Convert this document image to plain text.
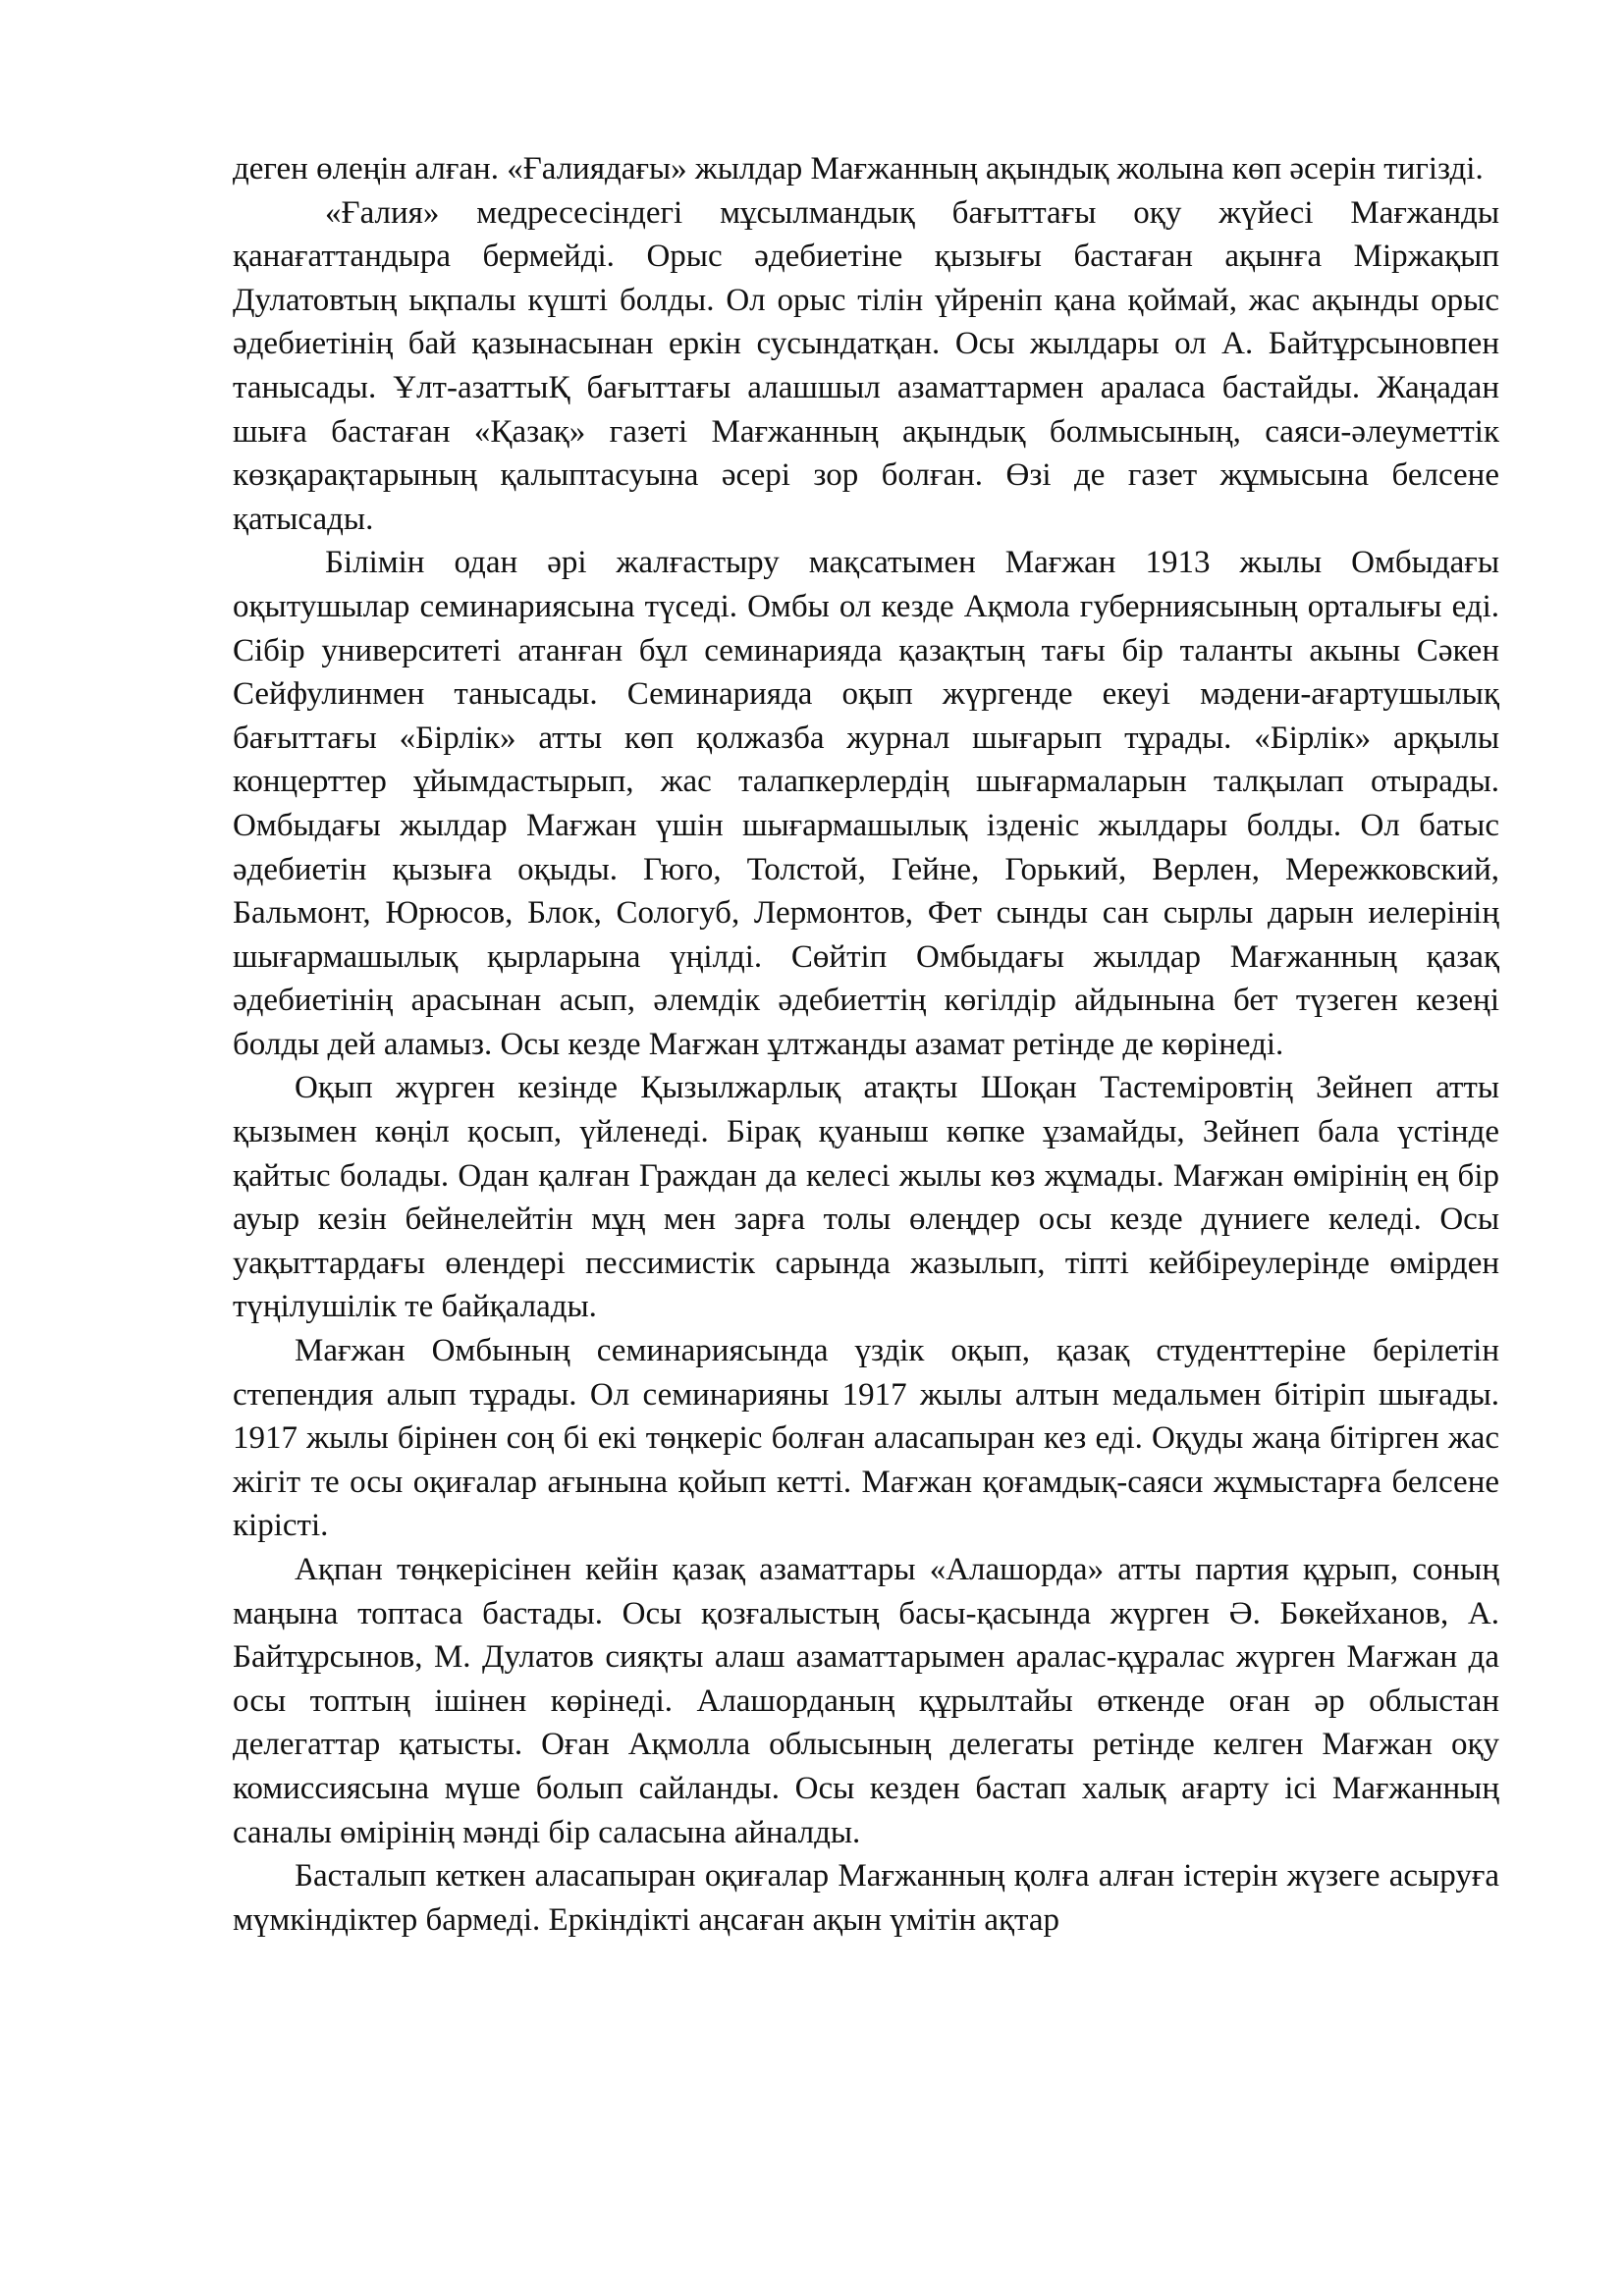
деген өлеңін алған. «Ғалиядағы» жылдар Мағжанның ақындық жолына көп әсерін тигізді.

«Ғалия» медресесіндегі мұсылмандық бағыттағы оқу жүйесі Мағжанды қанағаттандыра бермейді. Орыс әдебиетіне қызығы бастаған ақынға Міржақып Дулатовтың ықпалы күшті болды. Ол орыс тілін үйреніп қана қоймай, жас ақынды орыс әдебиетінің бай қазынасынан еркін сусындатқан. Осы жылдары ол А. Байтұрсыновпен танысады. Ұлт-азаттыҚ бағыттағы алашшыл азаматтармен араласа бастайды. Жаңадан шыға бастаған «Қазақ» газеті Мағжанның ақындық болмысының, саяси-әлеуметтік көзқарақтарының қалыптасуына әсері зор болған. Өзі де газет жұмысына белсене қатысады.

Білімін одан әрі жалғастыру мақсатымен Мағжан 1913 жылы Омбыдағы оқытушылар семинариясына түседі. Омбы ол кезде Ақмола губерниясының орталығы еді. Сібір университеті атанған бұл семинарияда қазақтың тағы бір таланты акыны Сәкен Сейфулинмен танысады. Семинарияда оқып жүргенде екеуі мәдени-ағартушылық бағыттағы «Бірлік» атты көп қолжазба журнал шығарып тұрады. «Бірлік» арқылы концерттер ұйымдастырып, жас талапкерлердің шығармаларын талқылап отырады. Омбыдағы жылдар Мағжан үшін шығармашылық ізденіс жылдары болды. Ол батыс әдебиетін қызыға оқыды. Гюго, Толстой, Гейне, Горький, Верлен, Мережковский, Бальмонт, Юрюсов, Блок, Сологуб, Лермонтов, Фет сынды сан сырлы дарын иелерінің шығармашылық қырларына үңілді. Сөйтіп Омбыдағы жылдар Мағжанның қазақ әдебиетінің арасынан асып, әлемдік әдебиеттің көгілдір айдынына бет түзеген кезеңі болды дей аламыз. Осы кезде Мағжан ұлтжанды азамат ретінде де көрінеді.

Оқып жүрген кезінде Қызылжарлық атақты Шоқан Тастеміровтің Зейнеп атты қызымен көңіл қосып, үйленеді. Бірақ қуаныш көпке ұзамайды, Зейнеп бала үстінде қайтыс болады. Одан қалған Граждан да келесі жылы көз жұмады. Мағжан өмірінің ең бір ауыр кезін бейнелейтін мұң мен зарға толы өлеңдер осы кезде дүниеге келеді. Осы уақыттардағы өлендері пессимистік сарында жазылып, тіпті кейбіреулерінде өмірден түңілушілік те байқалады.

Мағжан Омбының семинариясында үздік оқып, қазақ студенттеріне берілетін степендия алып тұрады. Ол семинарияны 1917 жылы алтын медальмен бітіріп шығады. 1917 жылы бірінен соң бі екі төңкеріс болған аласапыран кез еді. Оқуды жаңа бітірген жас жігіт те осы оқиғалар ағынына қойып кетті. Мағжан қоғамдық-саяси жұмыстарға белсене кірісті.

Ақпан төңкерісінен кейін қазақ азаматтары «Алашорда» атты партия құрып, соның маңына топтаса бастады. Осы қозғалыстың басы-қасында жүрген Ә. Бөкейханов, А. Байтұрсынов, М. Дулатов сияқты алаш азаматтарымен аралас-құралас жүрген Мағжан да осы топтың ішінен көрінеді. Алашорданың құрылтайы өткенде оған әр облыстан делегаттар қатысты. Оған Ақмолла облысының делегаты ретінде келген Мағжан оқу комиссиясына мүше болып сайланды. Осы кезден бастап халық ағарту ісі Мағжанның саналы өмірінің мәнді бір саласына айналды.

Басталып кеткен аласапыран оқиғалар Мағжанның қолға алған істерін жүзеге асыруға мүмкіндіктер бармеді. Еркіндікті аңсаған ақын үмітін ақтар
